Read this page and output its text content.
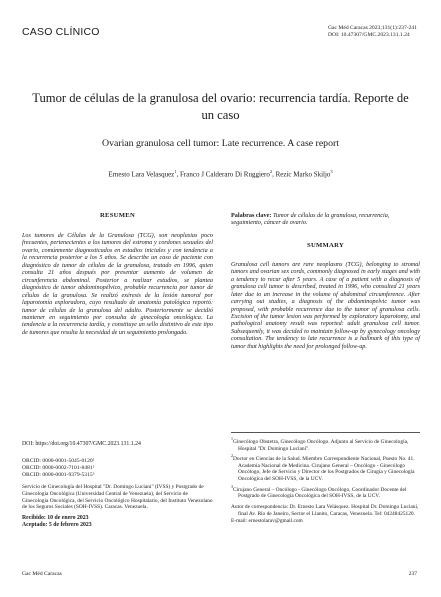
CASO CLÍNICO	Gac Méd Caracas 2023;131(1):237-241
DOI: 10.47307/GMC.2023.131.1.24
Tumor de células de la granulosa del ovario: recurrencia tardía. Reporte de un caso
Ovarian granulosa cell tumor: Late recurrence. A case report
Ernesto Lara Velasquez$^1$, Franco J Calderaro Di Ruggiero$^2$, Rezic Marko Skiljo$^3$
RESUMEN

Los tumores de Células de la Granulosa (TCG), son neoplasias poco frecuentes, pertenecientes a los tumores del estroma y cordones sexuales del ovario, comúnmente diagnosticados en estadios iniciales y con tendencia a la recurrencia posterior a los 5 años. Se describe un caso de paciente con diagnóstico de tumor de células de la granulosa, tratado en 1996, quien consulta 21 años después por presentar aumento de volumen de circunferencia abdominal. Posterior a realizar estudios, se plantea diagnóstico de tumor abdominopélvico, probable recurrencia por tumor de células de la granulosa. Se realizó exéresis de la lesión tumoral por laparotomía exploradora, cuyo resultado de anatomía patológica reportó: tumor de células de la granulosa del adulto. Posteriormente se decidió mantener en seguimiento por consulta de ginecología oncológica. La tendencia a la recurrencia tardía, y constituye un sello distintivo de este tipo de tumores que resulta la necesidad de un seguimiento prolongado.

DOI: https://doi.org/10.47307/GMC.2023.131.1.24
ORCID: 0000-0001-5045-0120¹
ORCID: 0000-0002-7101-8481²
ORCID: 0000-0001-9379-5315³

Servicio de Ginecología del Hospital "Dr. Domingo Luciani" (IVSS) y Postgrado de Ginecología Oncológica (Universidad Central de Venezuela), del Servicio de Ginecología Oncológica, del Servicio Oncológico Hospitalario, del Instituto Venezolano de los Seguros Sociales (SOH-IVSS). Caracas. Venezuela.

Recibido: 10 de enero 2023
Aceptado: 5 de febrero 2023

Palabras clave: Tumor de células de la granulosa, recurrencia, seguimiento, cáncer de ovario.

SUMMARY

Granulosa cell tumors are rare neoplasms (TCG), belonging to stromal tumors and ovarian sex cords, commonly diagnosed in early stages and with a tendency to recur after 5 years. A case of a patient with a diagnosis of granulosa cell tumor is described, treated in 1996, who consulted 21 years later due to an increase in the volume of abdominal circumference. After carrying out studies, a diagnosis of the abdominopelvic tumor was proposed, with probable recurrence due to the tumor of granulosa cells. Excision of the tumor lesion was performed by exploratory laparotomy, and pathological anatomy result was reported: adult granulosa cell tumor. Subsequently, it was decided to maintain follow-up by gynecology oncology consultation. The tendency to late recurrence is a hallmark of this type of tumor that highlights the need for prolonged follow-up.

$^1$Ginecólogo Obstetra, Ginecólogo Oncólogo. Adjunto al Servicio de Ginecología, Hospital "Dr. Domingo Luciani".

$^2$Doctor en Ciencias de la Salud. Miembro Correspondiente Nacional, Puesto No. 41. Academia Nacional de Medicina. Cirujano General – Oncólogo - Ginecólogo Oncólogo, Jefe de Servicio y Director de los Postgrados de Cirugía y Ginecología Oncológica del SOH-IVSS, de la UCV.

$^3$Cirujano General – Oncólogo - Ginecólogo Oncólogo, Coordinador Docente del Postgrado de Ginecología Oncológica del SOH-IVSS, de la UCV.

Autor de correspondencia: Dr. Ernesto Lara Velásquez. Hospital Dr. Domingo Luciani, final Av. Río de Janeiro, Sector el Llanito, Caracas, Venezuela. Tel: 04248425120.

E-mail: ernestolarav@gmail.com

Gac Méd Caracas	237
